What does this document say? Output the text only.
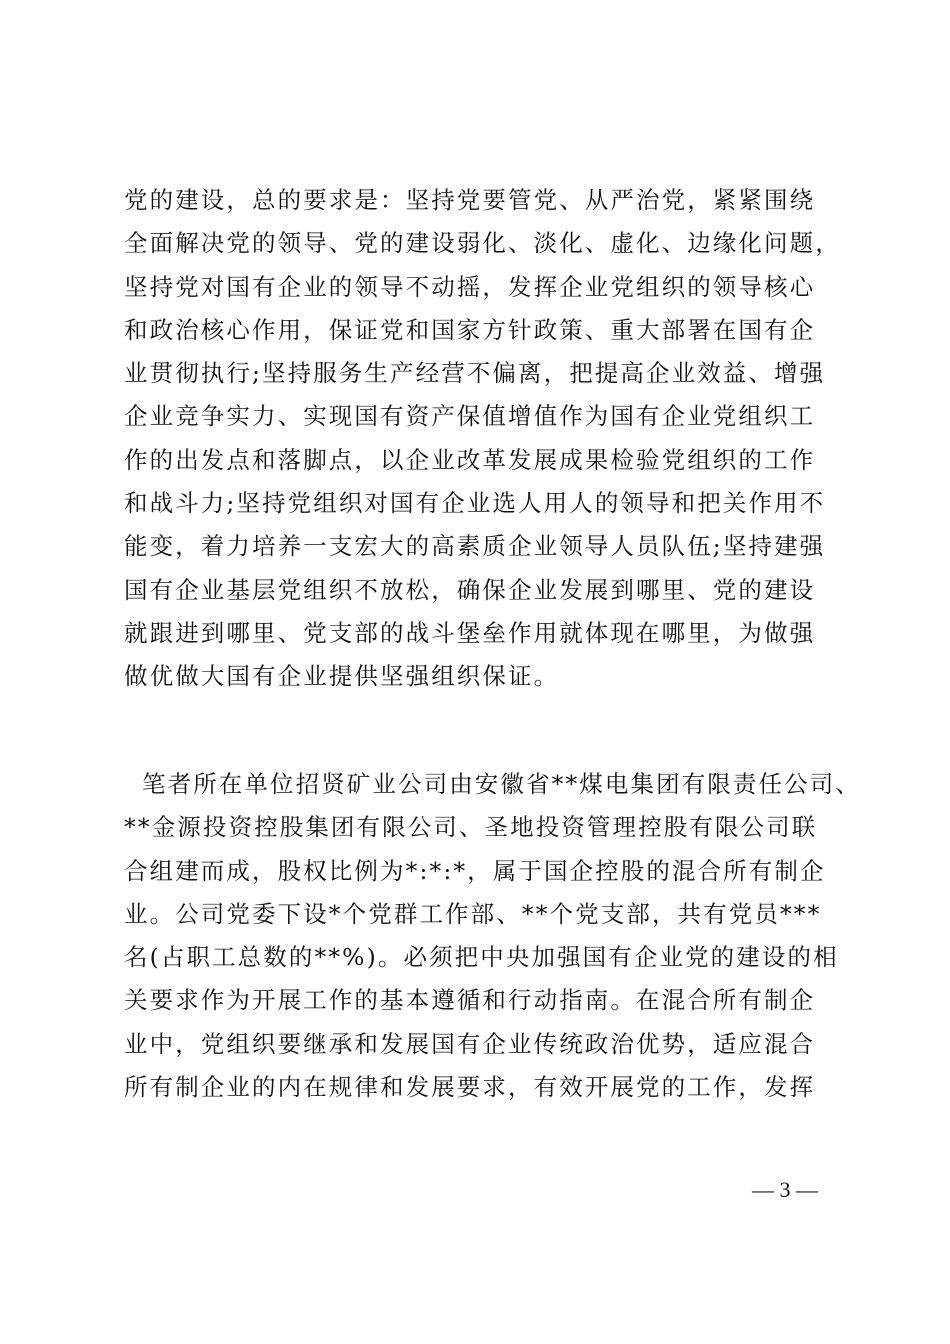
党的建设，总的要求是：坚持党要管党、从严治党，紧紧围绕
全面解决党的领导、党的建设弱化、淡化、虚化、边缘化问题，
坚持党对国有企业的领导不动摇，发挥企业党组织的领导核心
和政治核心作用，保证党和国家方针政策、重大部署在国有企
业贯彻执行;坚持服务生产经营不偏离，把提高企业效益、增强
企业竞争实力、实现国有资产保值增值作为国有企业党组织工
作的出发点和落脚点，以企业改革发展成果检验党组织的工作
和战斗力;坚持党组织对国有企业选人用人的领导和把关作用不
能变，着力培养一支宏大的高素质企业领导人员队伍;坚持建强
国有企业基层党组织不放松，确保企业发展到哪里、党的建设
就跟进到哪里、党支部的战斗堡垒作用就体现在哪里，为做强
做优做大国有企业提供坚强组织保证。
笔者所在单位招贤矿业公司由安徽省**煤电集团有限责任公司、
**金源投资控股集团有限公司、圣地投资管理控股有限公司联
合组建而成，股权比例为*:*:*，属于国企控股的混合所有制企
业。公司党委下设*个党群工作部、**个党支部，共有党员***
名(占职工总数的**%)。必须把中央加强国有企业党的建设的相
关要求作为开展工作的基本遵循和行动指南。在混合所有制企
业中，党组织要继承和发展国有企业传统政治优势，适应混合
所有制企业的内在规律和发展要求，有效开展党的工作，发挥
— 3 —
